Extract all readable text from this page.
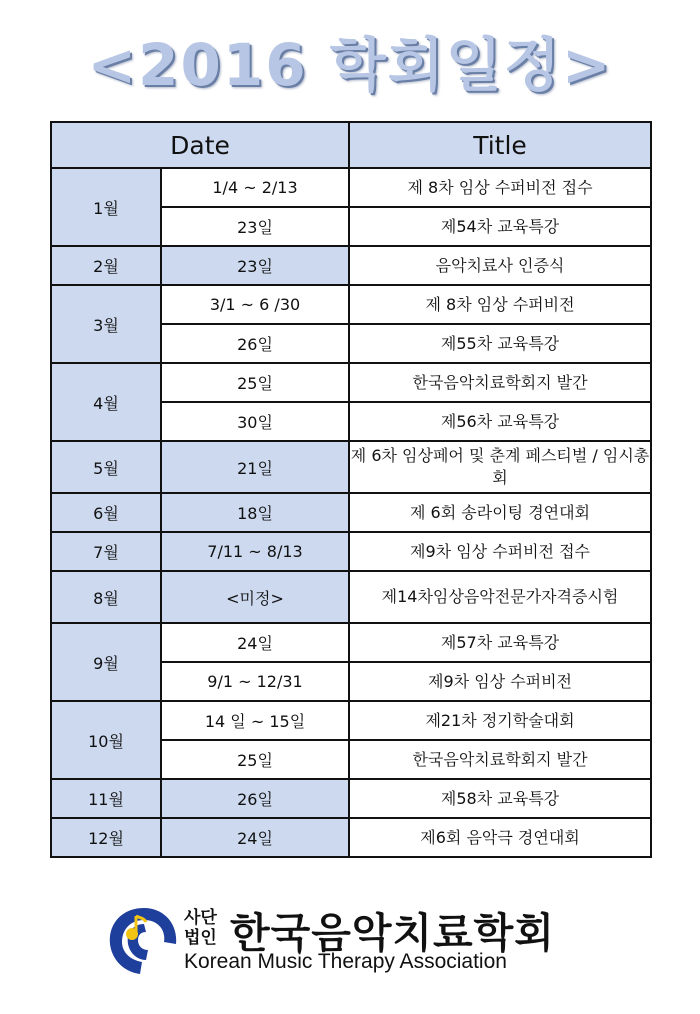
<2016 학회일정>
Date		Title
1월	1/4 ~ 2/13	제 8차 임상 수퍼비전 접수
	23일	제54차 교육특강
2월	23일	음악치료사 인증식
3월	3/1 ~ 6 /30	제 8차 임상 수퍼비전
	26일	제55차 교육특강
4월	25일	한국음악치료학회지 발간
	30일	제56차 교육특강
5월	21일	제 6차 임상페어 및 춘계 페스티벌 / 임시총회
6월	18일	제 6회 송라이팅 경연대회
7월	7/11 ~ 8/13	제9차 임상 수퍼비전 접수
8월	<미정>	제14차임상음악전문가자격증시험
9월	24일	제57차 교육특강
	9/1 ~ 12/31	제9차 임상 수퍼비전
10월	14 일 ~ 15일	제21차 정기학술대회
	25일	한국음악치료학회지 발간
11월	26일	제58차 교육특강
12월	24일	제6회 음악극 경연대회
사단
법인 한국음악치료학회
Korean Music Therapy Association
